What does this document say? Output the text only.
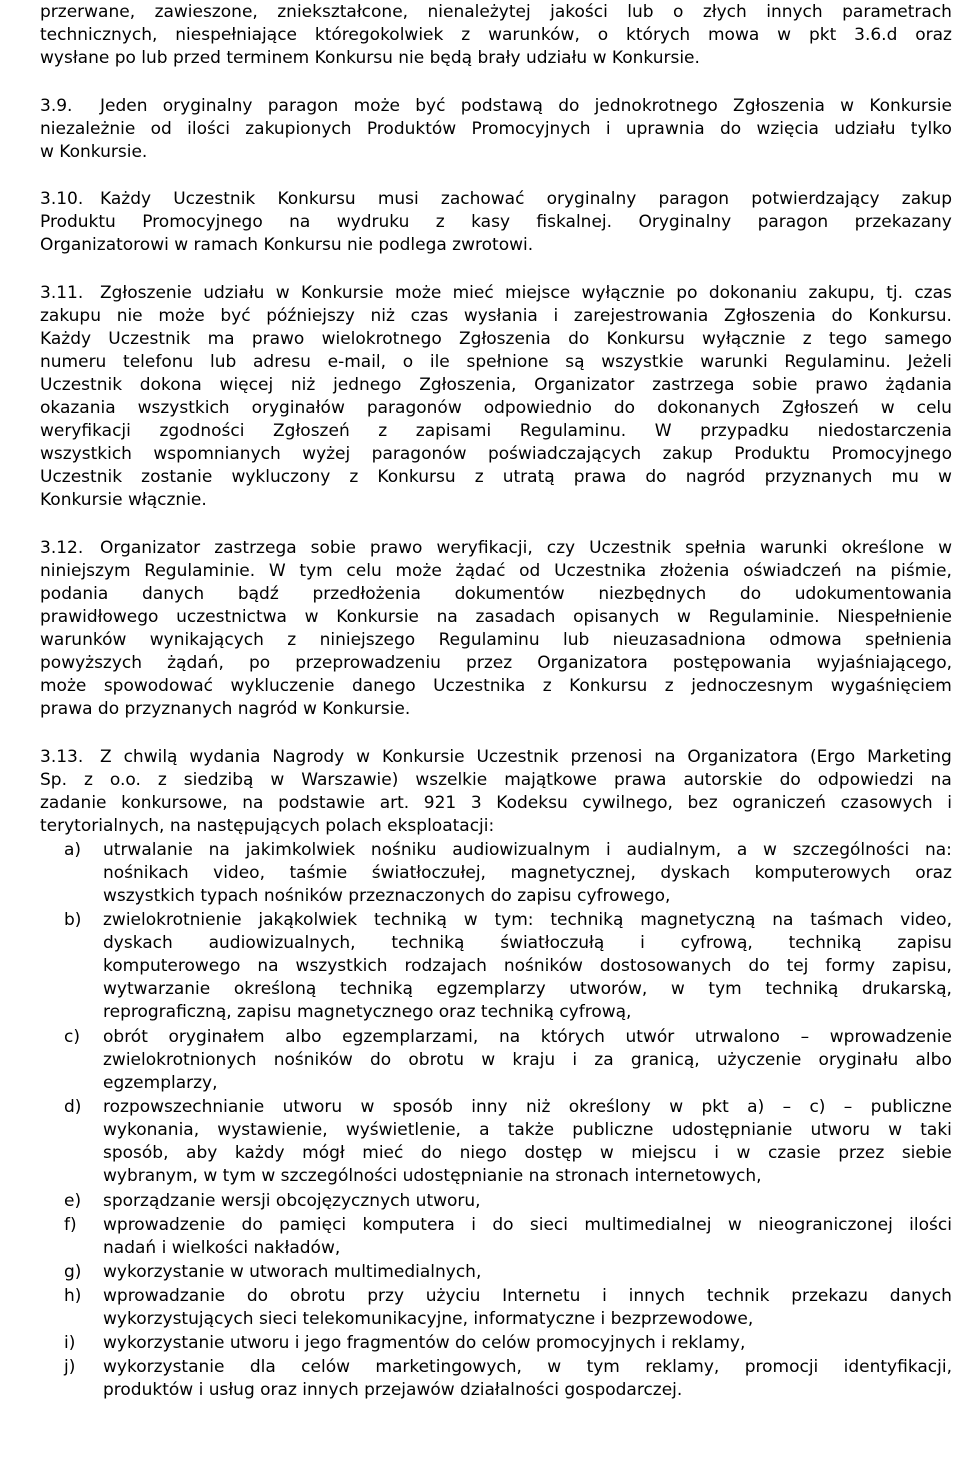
przerwane, zawieszone, zniekształcone, nienależytej jakości lub o złych innych parametrach
technicznych, niespełniające któregokolwiek z warunków, o których mowa w pkt 3.6.d oraz
wysłane po lub przed terminem Konkursu nie będą brały udziału w Konkursie.
Jeden oryginalny paragon może być podstawą do jednokrotnego Zgłoszenia w Konkursie
niezależnie od ilości zakupionych Produktów Promocyjnych i uprawnia do wzięcia udziału tylko
w Konkursie.
Każdy Uczestnik Konkursu musi zachować oryginalny paragon potwierdzający zakup
Produktu Promocyjnego na wydruku z kasy fiskalnej. Oryginalny paragon przekazany
Organizatorowi w ramach Konkursu nie podlega zwrotowi.
Zgłoszenie udziału w Konkursie może mieć miejsce wyłącznie po dokonaniu zakupu, tj. czas
zakupu nie może być późniejszy niż czas wysłania i zarejestrowania Zgłoszenia do Konkursu.
Każdy Uczestnik ma prawo wielokrotnego Zgłoszenia do Konkursu wyłącznie z tego samego
numeru telefonu lub adresu e-mail, o ile spełnione są wszystkie warunki Regulaminu. Jeżeli
Uczestnik dokona więcej niż jednego Zgłoszenia, Organizator zastrzega sobie prawo żądania
okazania wszystkich oryginałów paragonów odpowiednio do dokonanych Zgłoszeń w celu
weryfikacji zgodności Zgłoszeń z zapisami Regulaminu. W przypadku niedostarczenia
wszystkich wspomnianych wyżej paragonów poświadczających zakup Produktu Promocyjnego
Uczestnik zostanie wykluczony z Konkursu z utratą prawa do nagród przyznanych mu w
Konkursie włącznie.
Organizator zastrzega sobie prawo weryfikacji, czy Uczestnik spełnia warunki określone w
niniejszym Regulaminie. W tym celu może żądać od Uczestnika złożenia oświadczeń na piśmie,
podania danych bądź przedłożenia dokumentów niezbędnych do udokumentowania
prawidłowego uczestnictwa w Konkursie na zasadach opisanych w Regulaminie. Niespełnienie
warunków wynikających z niniejszego Regulaminu lub nieuzasadniona odmowa spełnienia
powyższych żądań, po przeprowadzeniu przez Organizatora postępowania wyjaśniającego,
może spowodować wykluczenie danego Uczestnika z Konkursu z jednoczesnym wygaśnięciem
prawa do przyznanych nagród w Konkursie.
Z chwilą wydania Nagrody w Konkursie Uczestnik przenosi na Organizatora (Ergo Marketing
Sp. z o.o. z siedzibą w Warszawie) wszelkie majątkowe prawa autorskie do odpowiedzi na
zadanie konkursowe, na podstawie art. 921 3 Kodeksu cywilnego, bez ograniczeń czasowych i
terytorialnych, na następujących polach eksploatacji:
utrwalanie na jakimkolwiek nośniku audiowizualnym i audialnym, a w szczególności na:
nośnikach video, taśmie światłoczułej, magnetycznej, dyskach komputerowych oraz
wszystkich typach nośników przeznaczonych do zapisu cyfrowego,
zwielokrotnienie jakąkolwiek techniką w tym: techniką magnetyczną na taśmach video,
dyskach audiowizualnych, techniką światłoczułą i cyfrową, techniką zapisu
komputerowego na wszystkich rodzajach nośników dostosowanych do tej formy zapisu,
wytwarzanie określoną techniką egzemplarzy utworów, w tym techniką drukarską,
reprograficzną, zapisu magnetycznego oraz techniką cyfrową,
obrót oryginałem albo egzemplarzami, na których utwór utrwalono – wprowadzenie
zwielokrotnionych nośników do obrotu w kraju i za granicą, użyczenie oryginału albo
egzemplarzy,
rozpowszechnianie utworu w sposób inny niż określony w pkt a) – c) – publiczne
wykonania, wystawienie, wyświetlenie, a także publiczne udostępnianie utworu w taki
sposób, aby każdy mógł mieć do niego dostęp w miejscu i w czasie przez siebie
wybranym, w tym w szczególności udostępnianie na stronach internetowych,
sporządzanie wersji obcojęzycznych utworu,
wprowadzenie do pamięci komputera i do sieci multimedialnej w nieograniczonej ilości
nadań i wielkości nakładów,
wykorzystanie w utworach multimedialnych,
wprowadzanie do obrotu przy użyciu Internetu i innych technik przekazu danych
wykorzystujących sieci telekomunikacyjne, informatyczne i bezprzewodowe,
wykorzystanie utworu i jego fragmentów do celów promocyjnych i reklamy,
wykorzystanie dla celów marketingowych, w tym reklamy, promocji identyfikacji,
produktów i usług oraz innych przejawów działalności gospodarczej.
3.9.
3.10.
3.11.
3.12.
3.13.
a)
b)
c)
d)
e)
f)
g)
h)
i)
j)
